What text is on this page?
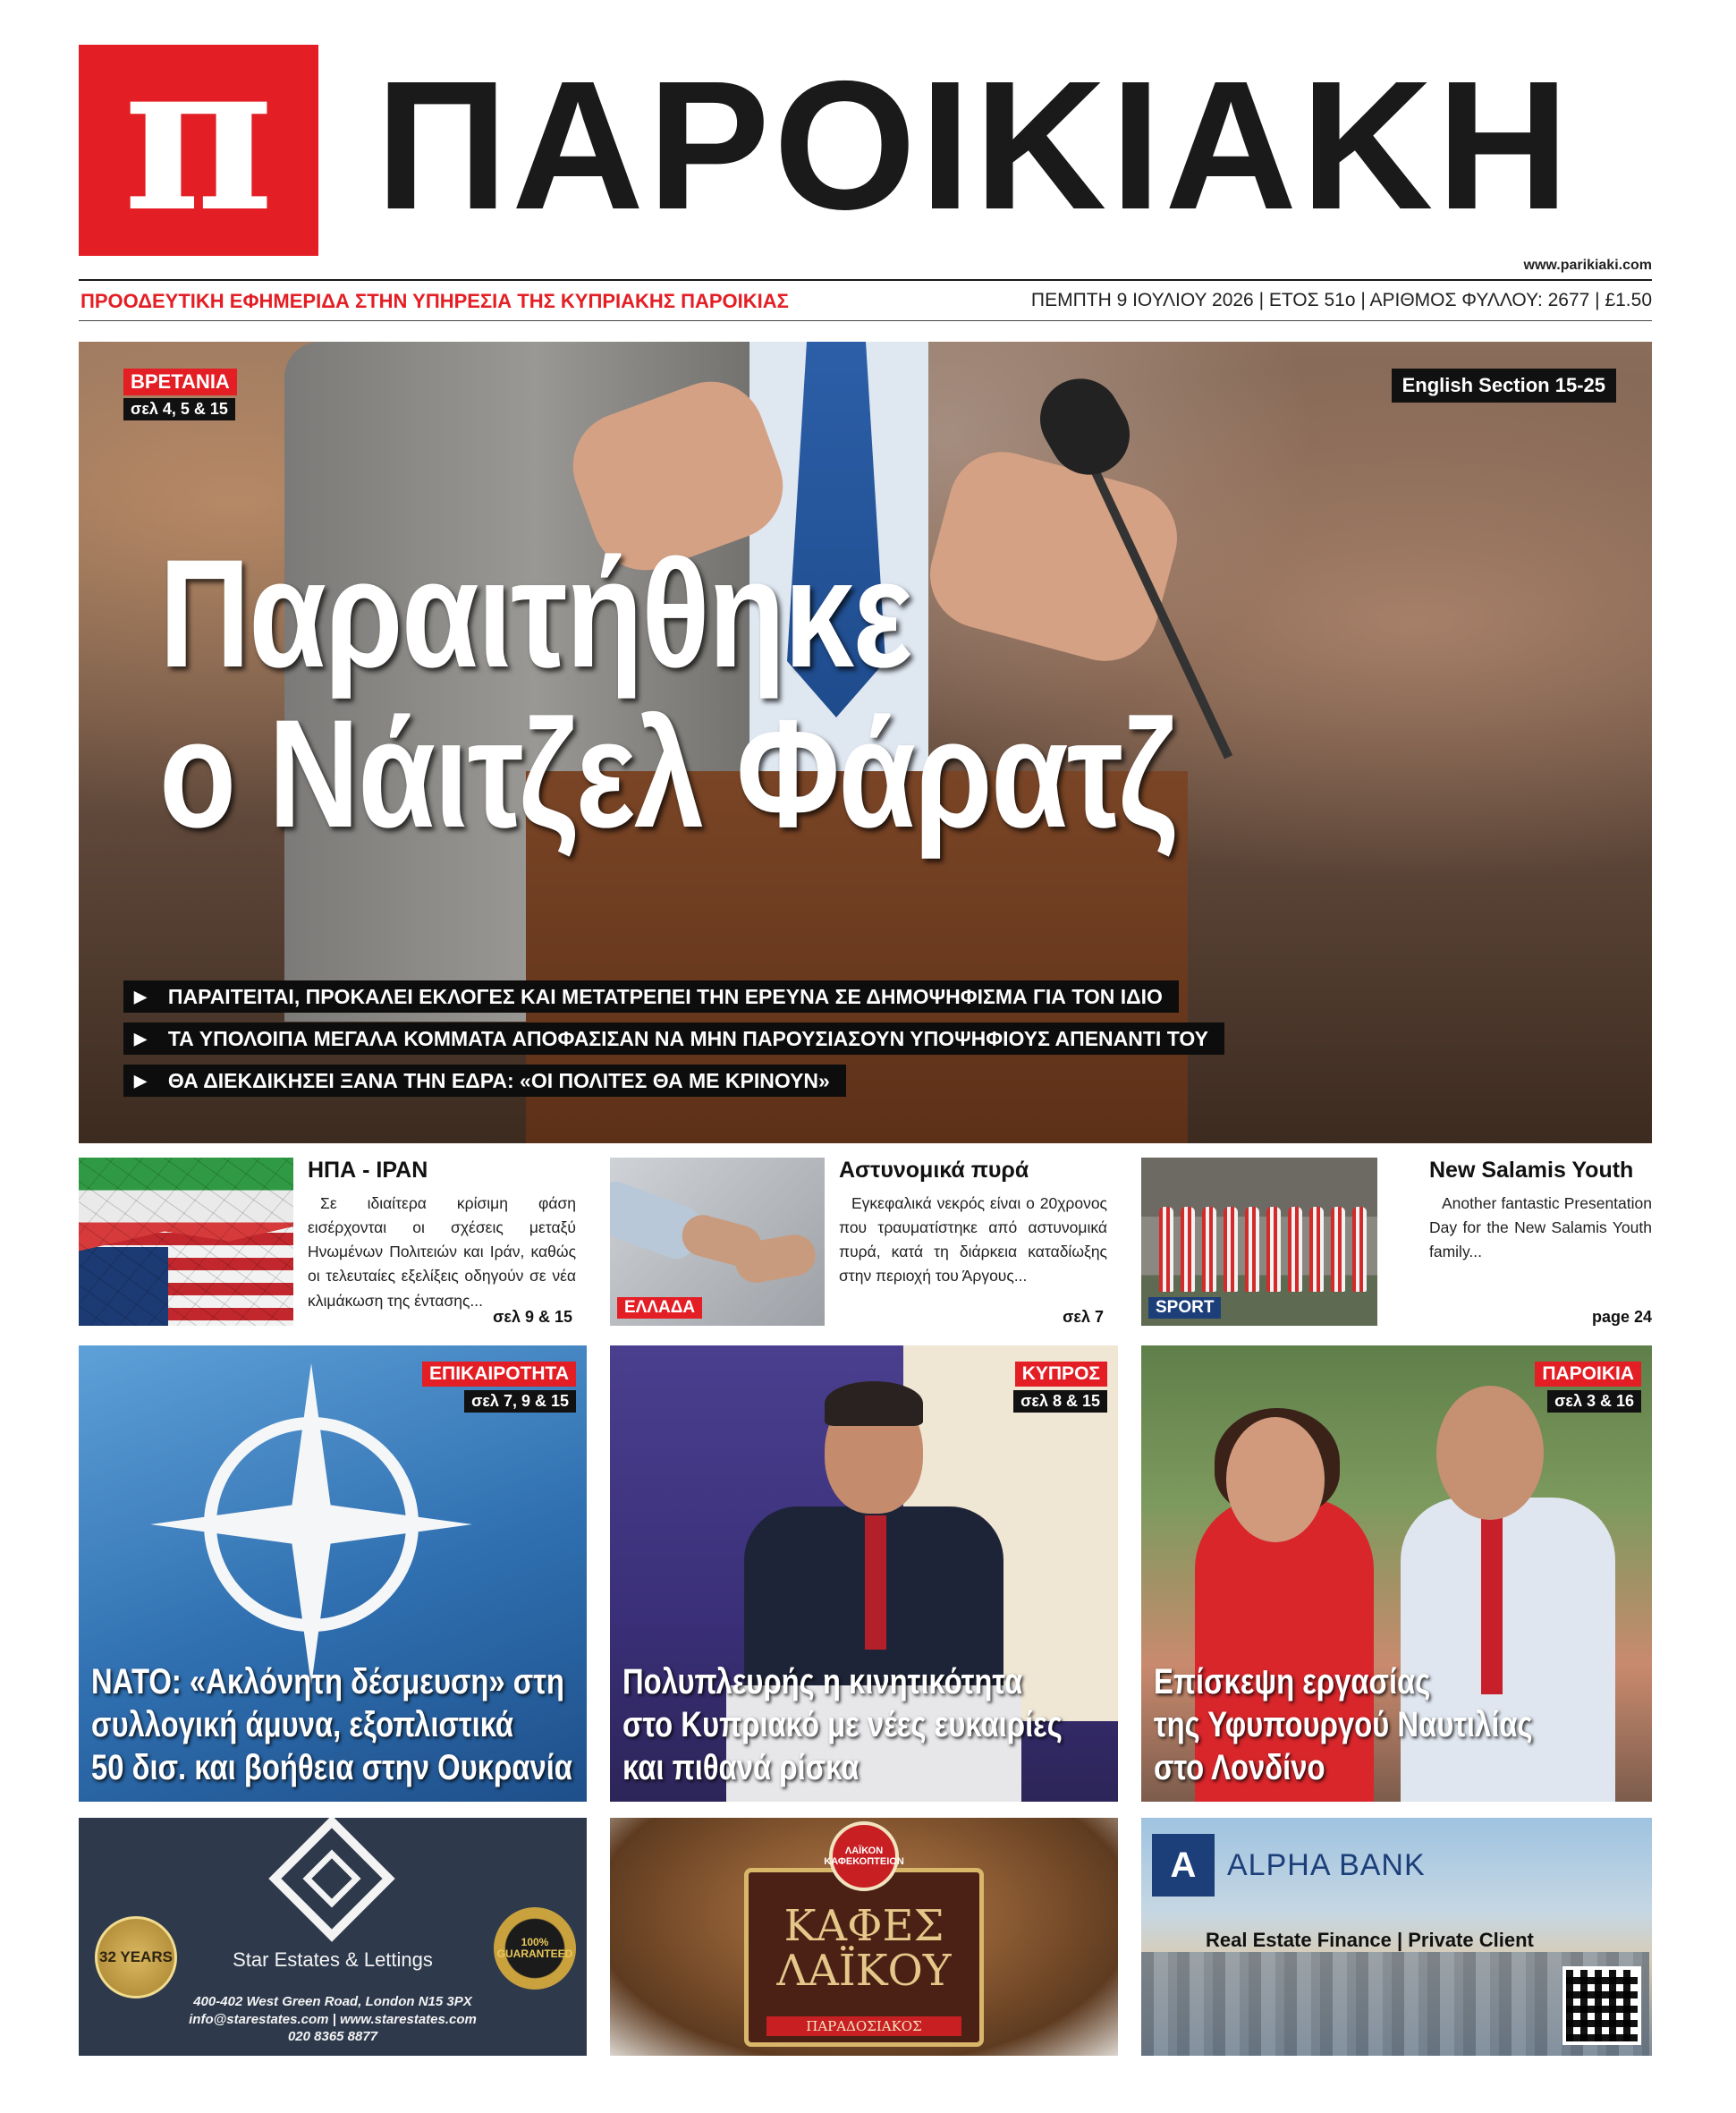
π ΠΑΡΟΙΚΙΑΚΗ
www.parikiaki.com
ΠΡΟΟΔΕΥΤΙΚΗ ΕΦΗΜΕΡΙΔΑ ΣΤΗΝ ΥΠΗΡΕΣΙΑ ΤΗΣ ΚΥΠΡΙΑΚΗΣ ΠΑΡΟΙΚΙΑΣ	ΠΕΜΠΤΗ 9 ΙΟΥΛΙΟΥ 2026 | ΕΤΟΣ 51ο | ΑΡΙΘΜΟΣ ΦΥΛΛΟΥ: 2677 | £1.50
ΒΡΕΤΑΝΙΑ
σελ 4, 5 & 15
English Section 15-25
Παραιτήθηκε
ο Νάιτζελ Φάρατζ
▶ ΠΑΡΑΙΤΕΙΤΑΙ, ΠΡΟΚΑΛΕΙ ΕΚΛΟΓΕΣ ΚΑΙ ΜΕΤΑΤΡΕΠΕΙ ΤΗΝ ΕΡΕΥΝΑ ΣΕ ΔΗΜΟΨΗΦΙΣΜΑ ΓΙΑ ΤΟΝ ΙΔΙΟ
▶ ΤΑ ΥΠΟΛΟΙΠΑ ΜΕΓΑΛΑ ΚΟΜΜΑΤΑ ΑΠΟΦΑΣΙΣΑΝ ΝΑ ΜΗΝ ΠΑΡΟΥΣΙΑΣΟΥΝ ΥΠΟΨΗΦΙΟΥΣ ΑΠΕΝΑΝΤΙ ΤΟΥ
▶ ΘΑ ΔΙΕΚΔΙΚΗΣΕΙ ΞΑΝΑ ΤΗΝ ΕΔΡΑ: «ΟΙ ΠΟΛΙΤΕΣ ΘΑ ΜΕ ΚΡΙΝΟΥΝ»
ΗΠΑ - ΙΡΑΝ
Σε ιδιαίτερα κρίσιμη φάση εισέρχονται οι σχέσεις μεταξύ Ηνωμένων Πολιτειών και Ιράν, καθώς οι τελευταίες εξελίξεις οδηγούν σε νέα κλιμάκωση της έντασης...
σελ 9 & 15	ΕΛΛΑΔΑ
Αστυνομικά πυρά
Εγκεφαλικά νεκρός είναι ο 20χρονος που τραυματίστηκε από αστυνομικά πυρά, κατά τη διάρκεια καταδίωξης στην περιοχή του Άργους...
σελ 7	SPORT
New Salamis Youth
Another fantastic Presentation Day for the New Salamis Youth family...
page 24
ΕΠΙΚΑΙΡΟΤΗΤΑ
σελ 7, 9 & 15
NATO: «Ακλόνητη δέσμευση» στη
συλλογική άμυνα, εξοπλιστικά
50 δισ. και βοήθεια στην Ουκρανία
ΚΥΠΡΟΣ
σελ 8 & 15
Πολυπλευρής η κινητικότητα
στο Κυπριακό με νέες ευκαιρίες
και πιθανά ρίσκα
ΠΑΡΟΙΚΙΑ
σελ 3 & 16
Επίσκεψη εργασίας
της Υφυπουργού Ναυτιλίας
στο Λονδίνο
32 YEARS
100% GUARANTEED
Star Estates & Lettings
400-402 West Green Road, London N15 3PX
info@starestates.com | www.starestates.com
020 8365 8877
ΛΑΪΚΟΝ ΚΑΦΕΚΟΠΤΕΙΟΝ
ΚΑΦΕΣ
ΛΑΪΚΟΥ
ΠΑΡΑΔΟΣΙΑΚΟΣ
A	ALPHA BANK
Real Estate Finance | Private Client
